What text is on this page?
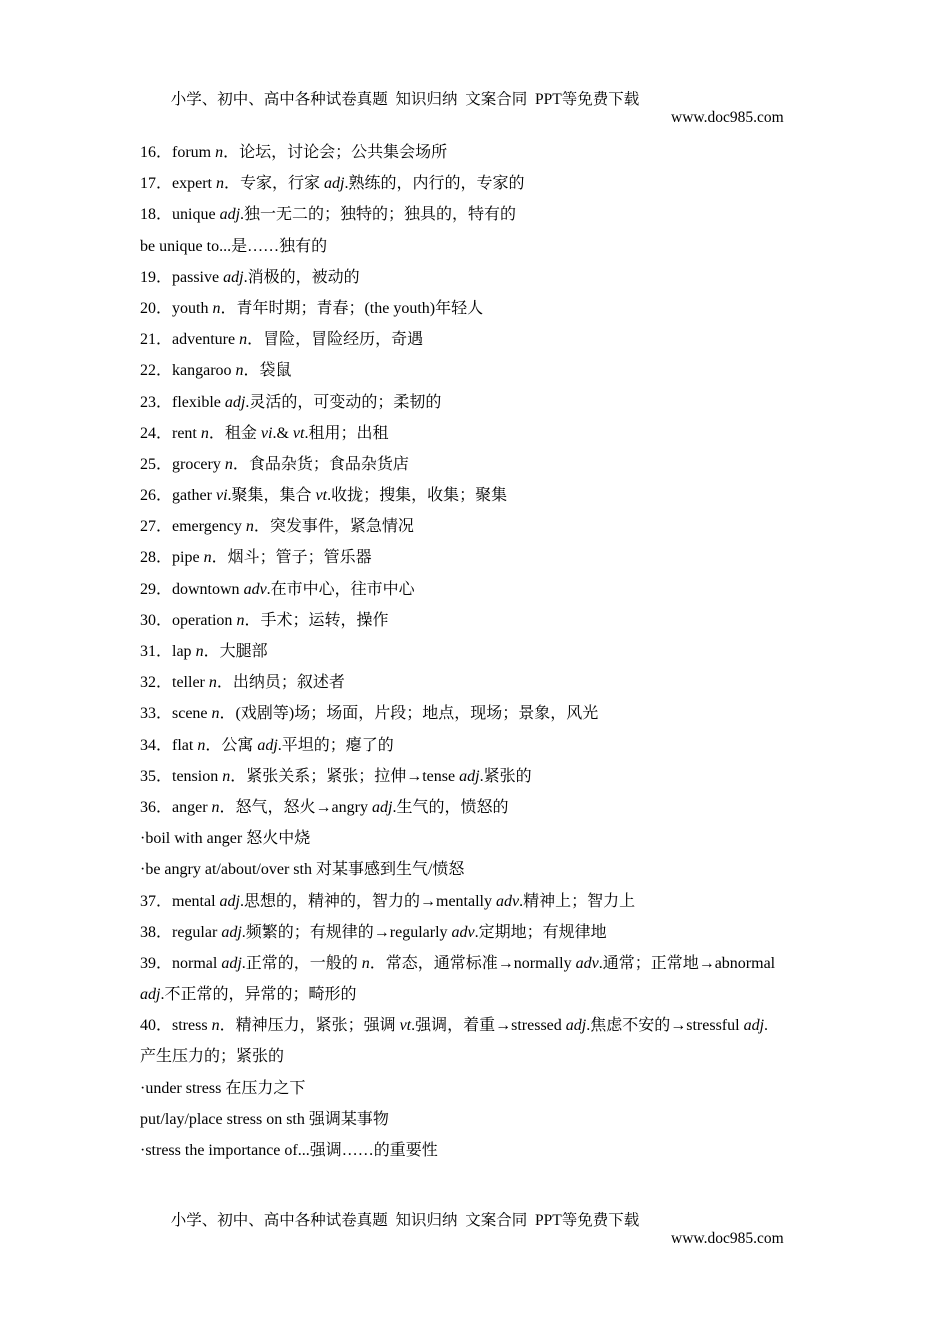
小学、初中、高中各种试卷真题  知识归纳  文案合同  PPT等免费下载

www.doc985.com

16．forum n．论坛，讨论会；公共集会场所
17．expert n．专家，行家 adj.熟练的，内行的，专家的
18．unique adj.独一无二的；独特的；独具的，特有的
be unique to...是……独有的
19．passive adj.消极的，被动的
20．youth n．青年时期；青春；(the youth)年轻人
21．adventure n．冒险，冒险经历，奇遇
22．kangaroo n．袋鼠
23．flexible adj.灵活的，可变动的；柔韧的
24．rent n．租金 vi.& vt.租用；出租
25．grocery n．食品杂货；食品杂货店
26．gather vi.聚集，集合 vt.收拢；搜集，收集；聚集
27．emergency n．突发事件，紧急情况
28．pipe n．烟斗；管子；管乐器
29．downtown adv.在市中心，往市中心
30．operation n．手术；运转，操作
31．lap n．大腿部
32．teller n．出纳员；叙述者
33．scene n．(戏剧等)场；场面，片段；地点，现场；景象，风光
34．flat n．公寓 adj.平坦的；瘪了的
35．tension n．紧张关系；紧张；拉伸→tense adj.紧张的
36．anger n．怒气，怒火→angry adj.生气的，愤怒的
·boil with anger 怒火中烧
·be angry at/about/over sth 对某事感到生气/愤怒
37．mental adj.思想的，精神的，智力的→mentally adv.精神上；智力上
38．regular adj.频繁的；有规律的→regularly adv.定期地；有规律地
39．normal adj.正常的，一般的 n．常态，通常标准→normally adv.通常；正常地→abnormal
adj.不正常的，异常的；畸形的
40．stress n．精神压力，紧张；强调 vt.强调，着重→stressed adj.焦虑不安的→stressful adj.
产生压力的；紧张的
·under stress 在压力之下
put/lay/place stress on sth 强调某事物
·stress the importance of...强调……的重要性

小学、初中、高中各种试卷真题  知识归纳  文案合同  PPT等免费下载

www.doc985.com
